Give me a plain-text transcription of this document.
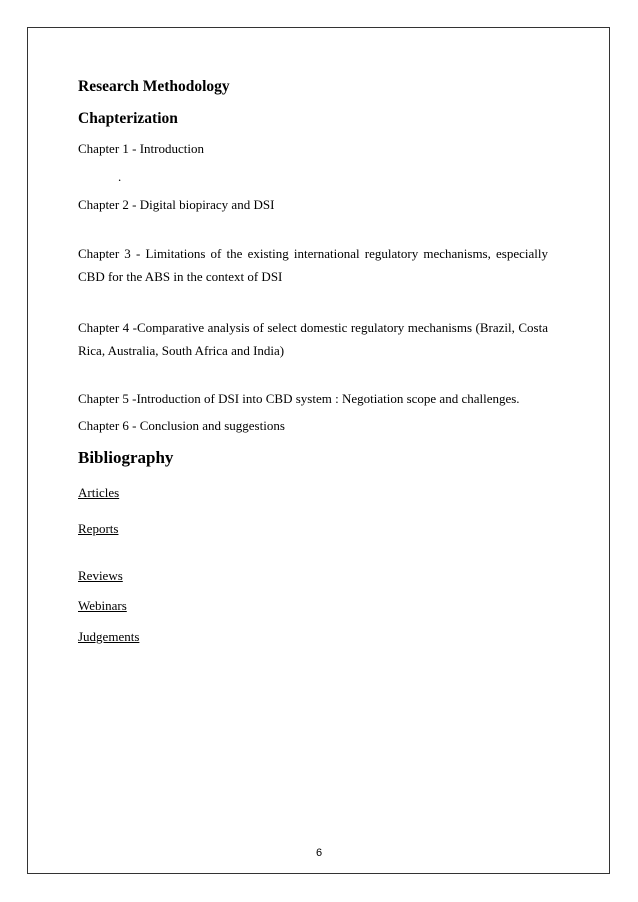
Research Methodology
Chapterization
Chapter 1 - Introduction
.
Chapter 2 - Digital biopiracy and DSI
Chapter 3 - Limitations of the existing international regulatory mechanisms, especially CBD for the ABS in the context of DSI
Chapter 4 -Comparative analysis of select domestic regulatory mechanisms (Brazil, Costa Rica, Australia, South Africa and India)
Chapter 5 -Introduction of DSI into CBD system : Negotiation scope and challenges.
Chapter 6 - Conclusion and suggestions
Bibliography
Articles
Reports
Reviews
Webinars
Judgements
6
